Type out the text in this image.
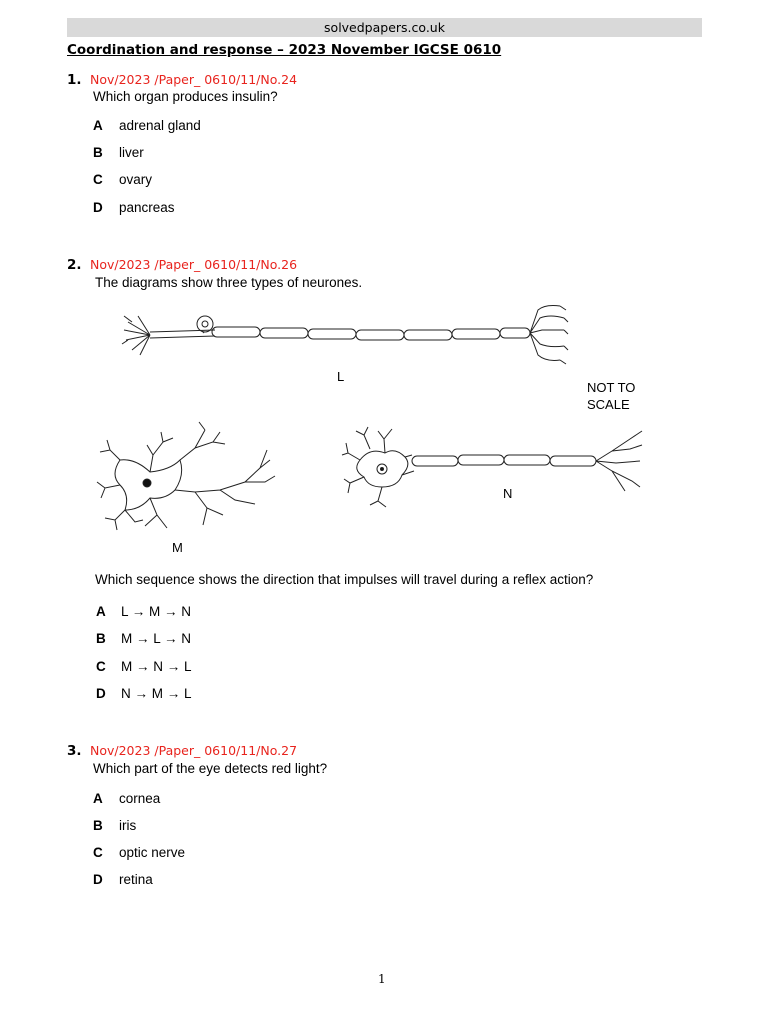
solvedpapers.co.uk
Coordination and response – 2023 November IGCSE 0610
1. Nov/2023 /Paper_ 0610/11/No.24
Which organ produces insulin?
A adrenal gland
B liver
C ovary
D pancreas
2. Nov/2023 /Paper_ 0610/11/No.26
The diagrams show three types of neurones.
L
NOT TO
SCALE
M
N
Which sequence shows the direction that impulses will travel during a reflex action?
A L → M → N
B M → L → N
C M → N → L
D N → M → L
3. Nov/2023 /Paper_ 0610/11/No.27
Which part of the eye detects red light?
A cornea
B iris
C optic nerve
D retina
1
